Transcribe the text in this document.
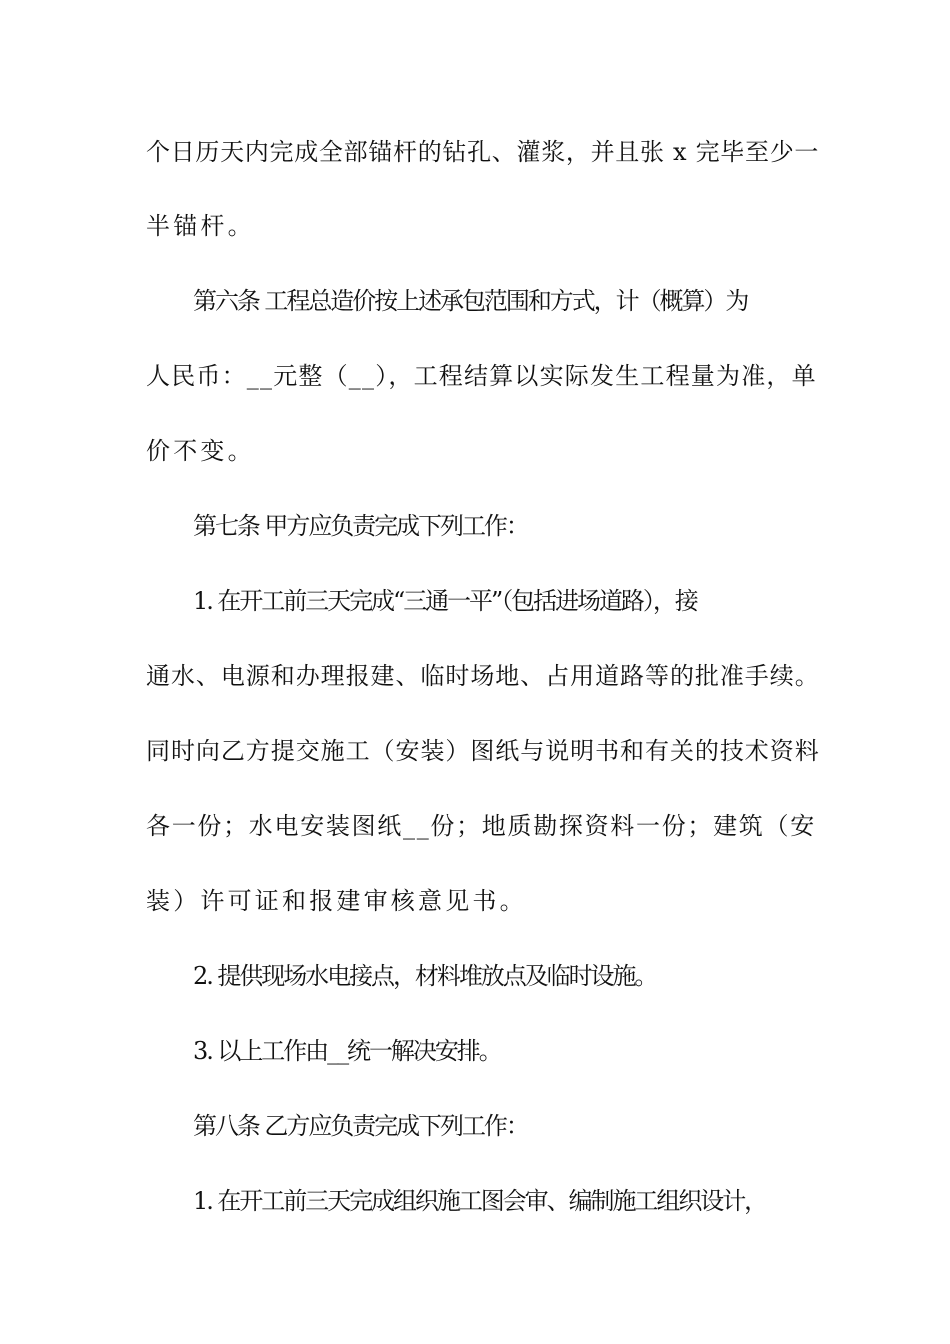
个日历天内完成全部锚杆的钻孔、灌浆，并且张 x 完毕至少一
半锚杆。
第六条 工程总造价按上述承包范围和方式，计（概算）为
人民币：__元整（__），工程结算以实际发生工程量为准，单
价不变。
第七条 甲方应负责完成下列工作：
1. 在开工前三天完成“三通一平”（包括进场道路），接
通水、电源和办理报建、临时场地、占用道路等的批准手续。
同时向乙方提交施工（安装）图纸与说明书和有关的技术资料
各一份；水电安装图纸__份；地质勘探资料一份；建筑（安
装）许可证和报建审核意见书。
2. 提供现场水电接点，材料堆放点及临时设施。
3. 以上工作由__统一解决安排。
第八条 乙方应负责完成下列工作：
1. 在开工前三天完成组织施工图会审、编制施工组织设计，
